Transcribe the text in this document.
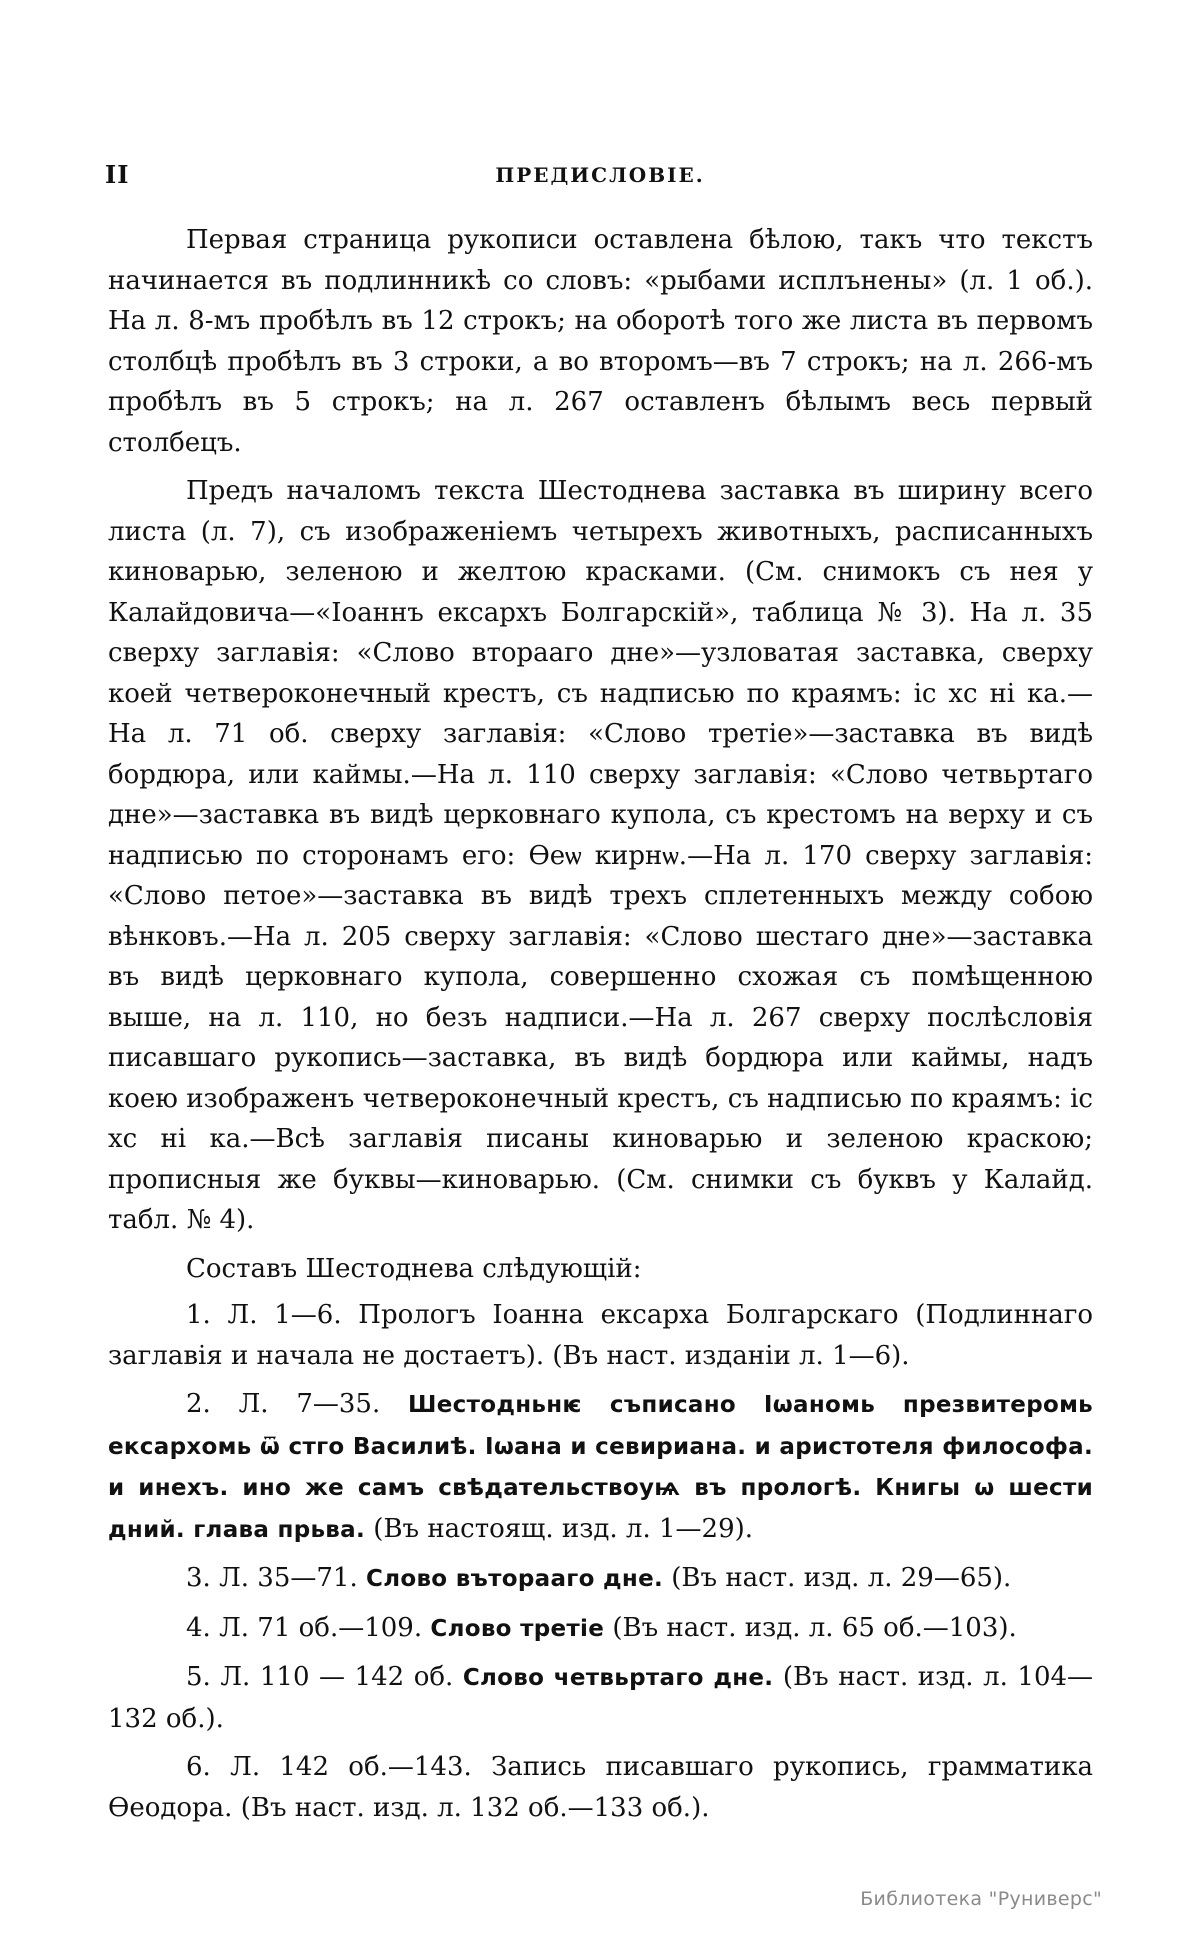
II	ПРЕДИСЛОВІЕ.

Первая страница рукописи оставлена бѣлою, такъ что текстъ начинается въ подлинникѣ со словъ: «рыбами исплънены» (л. 1 об.). На л. 8-мъ пробѣлъ въ 12 строкъ; на оборотѣ того же листа въ первомъ столбцѣ пробѣлъ въ 3 строки, а во второмъ—въ 7 строкъ; на л. 266-мъ пробѣлъ въ 5 строкъ; на л. 267 оставленъ бѣлымъ весь первый столбецъ.

Предъ началомъ текста Шестоднева заставка въ ширину всего листа (л. 7), съ изображеніемъ четырехъ животныхъ, расписанныхъ киноварью, зеленою и желтою красками. (См. снимокъ съ нея у Калайдовича—«Іоаннъ ексархъ Болгарскій», таблица № 3). На л. 35 сверху заглавія: «Слово вторааго дне»—узловатая заставка, сверху коей четвероконечный крестъ, съ надписью по краямъ: іс хс ні ка.—На л. 71 об. сверху заглавія: «Слово третіе»—заставка въ видѣ бордюра, или каймы.—На л. 110 сверху заглавія: «Слово четвьртаго дне»—заставка въ видѣ церковнаго купола, съ крестомъ на верху и съ надписью по сторонамъ его: Ѳеѡ кирнѡ.—На л. 170 сверху заглавія: «Слово петое»—заставка въ видѣ трехъ сплетенныхъ между собою вѣнковъ.—На л. 205 сверху заглавія: «Слово шестаго дне»—заставка въ видѣ церковнаго купола, совершенно схожая съ помѣщенною выше, на л. 110, но безъ надписи.—На л. 267 сверху послѣсловія писавшаго рукопись—заставка, въ видѣ бордюра или каймы, надъ коею изображенъ четвероконечный крестъ, съ надписью по краямъ: іс хс ні ка.—Всѣ заглавія писаны киноварью и зеленою краскою; прописныя же буквы—киноварью. (См. снимки съ буквъ у Калайд. табл. № 4).

Составъ Шестоднева слѣдующій:

1. Л. 1—6. Прологъ Іоанна ексарха Болгарскаго (Подлиннаго заглавія и начала не достаетъ). (Въ наст. изданіи л. 1—6).

2. Л. 7—35. Шестодньнѥ съписано Іѡаномь презвитеромь ексархомь ѿ стго Василиѣ. Іѡана и севириана. и аристотеля философа. и инехъ. ино же самъ свѣдательствоуѩ въ прологѣ. Книгы ѡ шести дний. глава прьва. (Въ настоящ. изд. л. 1—29).

3. Л. 35—71. Слово въторааго дне. (Въ наст. изд. л. 29—65).

4. Л. 71 об.—109. Слово третіе (Въ наст. изд. л. 65 об.—103).

5. Л. 110 — 142 об. Слово четвьртаго дне. (Въ наст. изд. л. 104—132 об.).

6. Л. 142 об.—143. Запись писавшаго рукопись, грамматика Ѳеодора. (Въ наст. изд. л. 132 об.—133 об.).

Библиотека "Руниверс"
